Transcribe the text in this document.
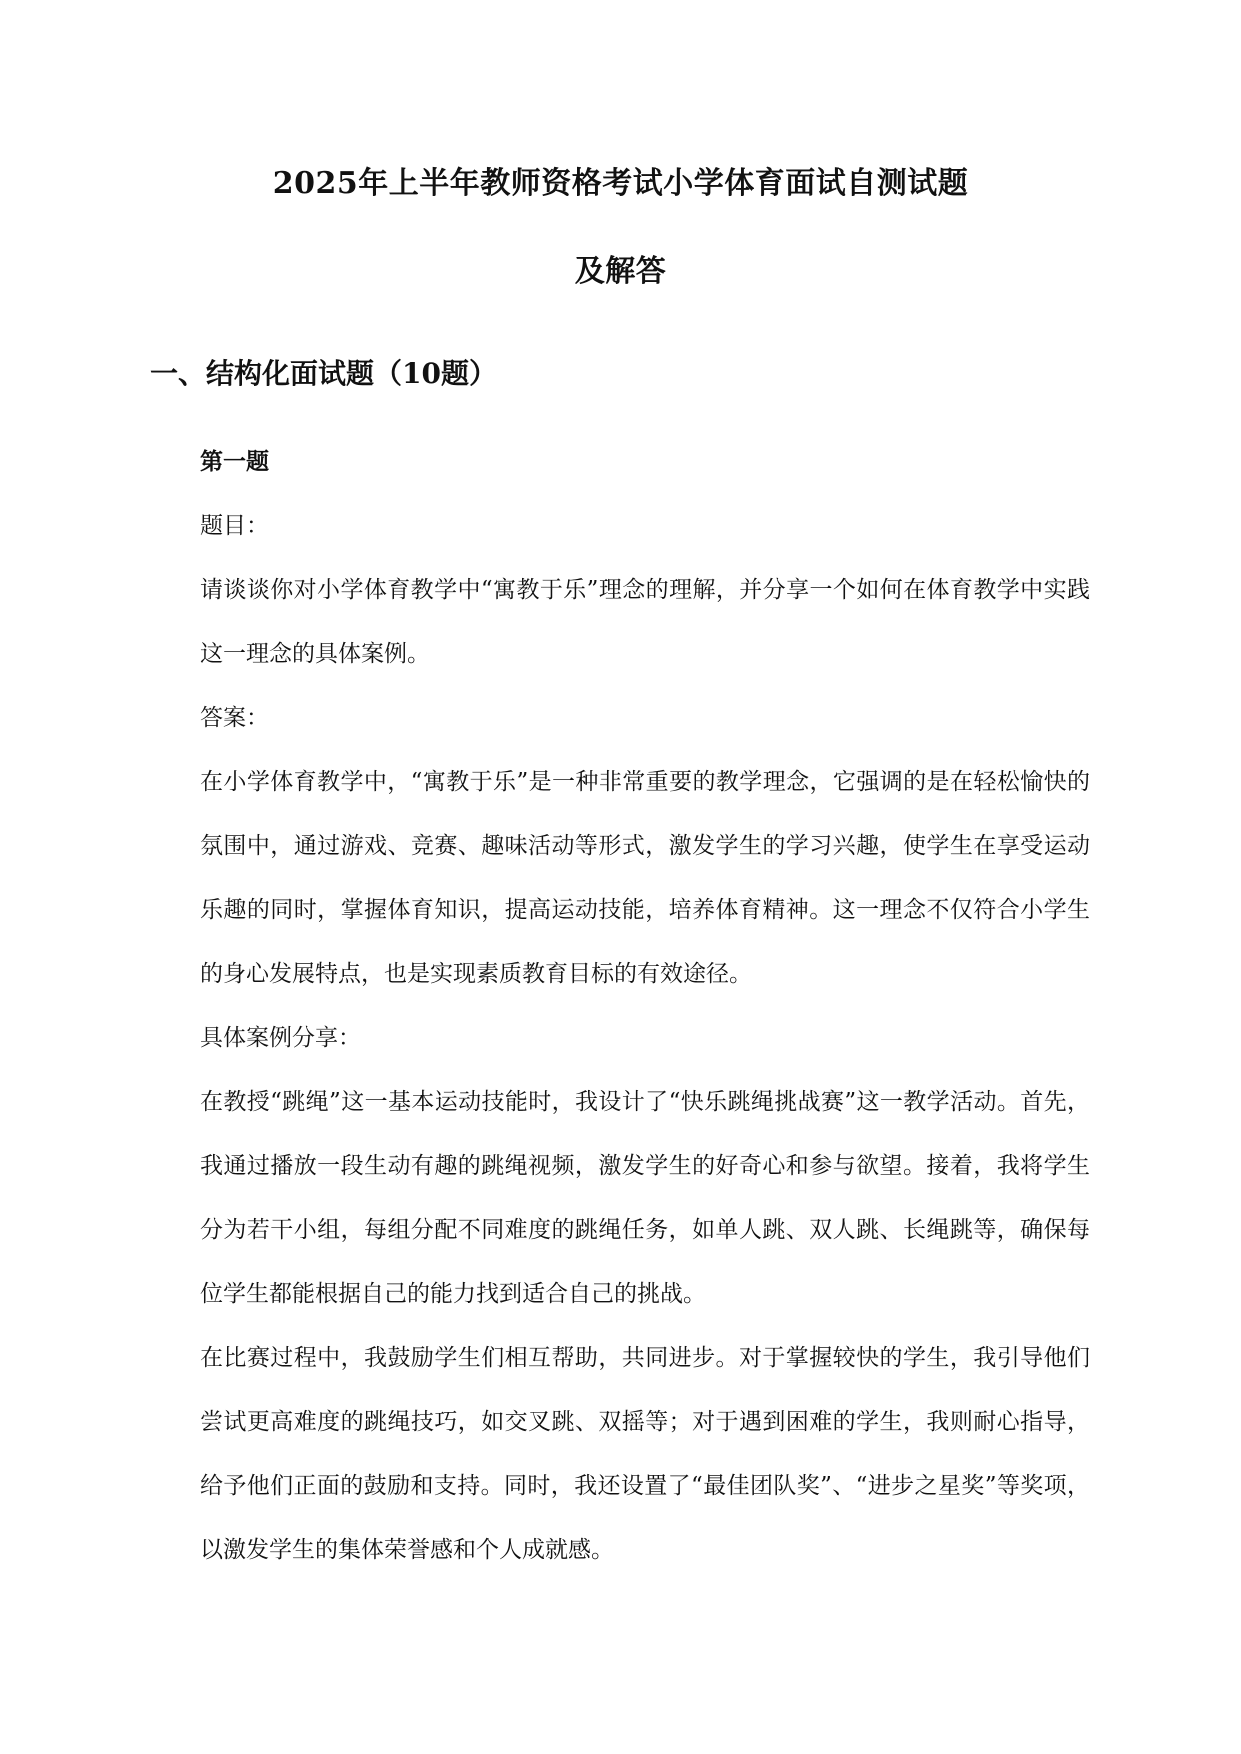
2025年上半年教师资格考试小学体育面试自测试题
及解答
一、结构化面试题（10题）

第一题

题目：

请谈谈你对小学体育教学中“寓教于乐”理念的理解，并分享一个如何在体育教学中实践这一理念的具体案例。

答案：

在小学体育教学中，“寓教于乐”是一种非常重要的教学理念，它强调的是在轻松愉快的氛围中，通过游戏、竞赛、趣味活动等形式，激发学生的学习兴趣，使学生在享受运动乐趣的同时，掌握体育知识，提高运动技能，培养体育精神。这一理念不仅符合小学生的身心发展特点，也是实现素质教育目标的有效途径。

具体案例分享：

在教授“跳绳”这一基本运动技能时，我设计了“快乐跳绳挑战赛”这一教学活动。首先，我通过播放一段生动有趣的跳绳视频，激发学生的好奇心和参与欲望。接着，我将学生分为若干小组，每组分配不同难度的跳绳任务，如单人跳、双人跳、长绳跳等，确保每位学生都能根据自己的能力找到适合自己的挑战。

在比赛过程中，我鼓励学生们相互帮助，共同进步。对于掌握较快的学生，我引导他们尝试更高难度的跳绳技巧，如交叉跳、双摇等；对于遇到困难的学生，我则耐心指导，给予他们正面的鼓励和支持。同时，我还设置了“最佳团队奖”、“进步之星奖”等奖项，以激发学生的集体荣誉感和个人成就感。
